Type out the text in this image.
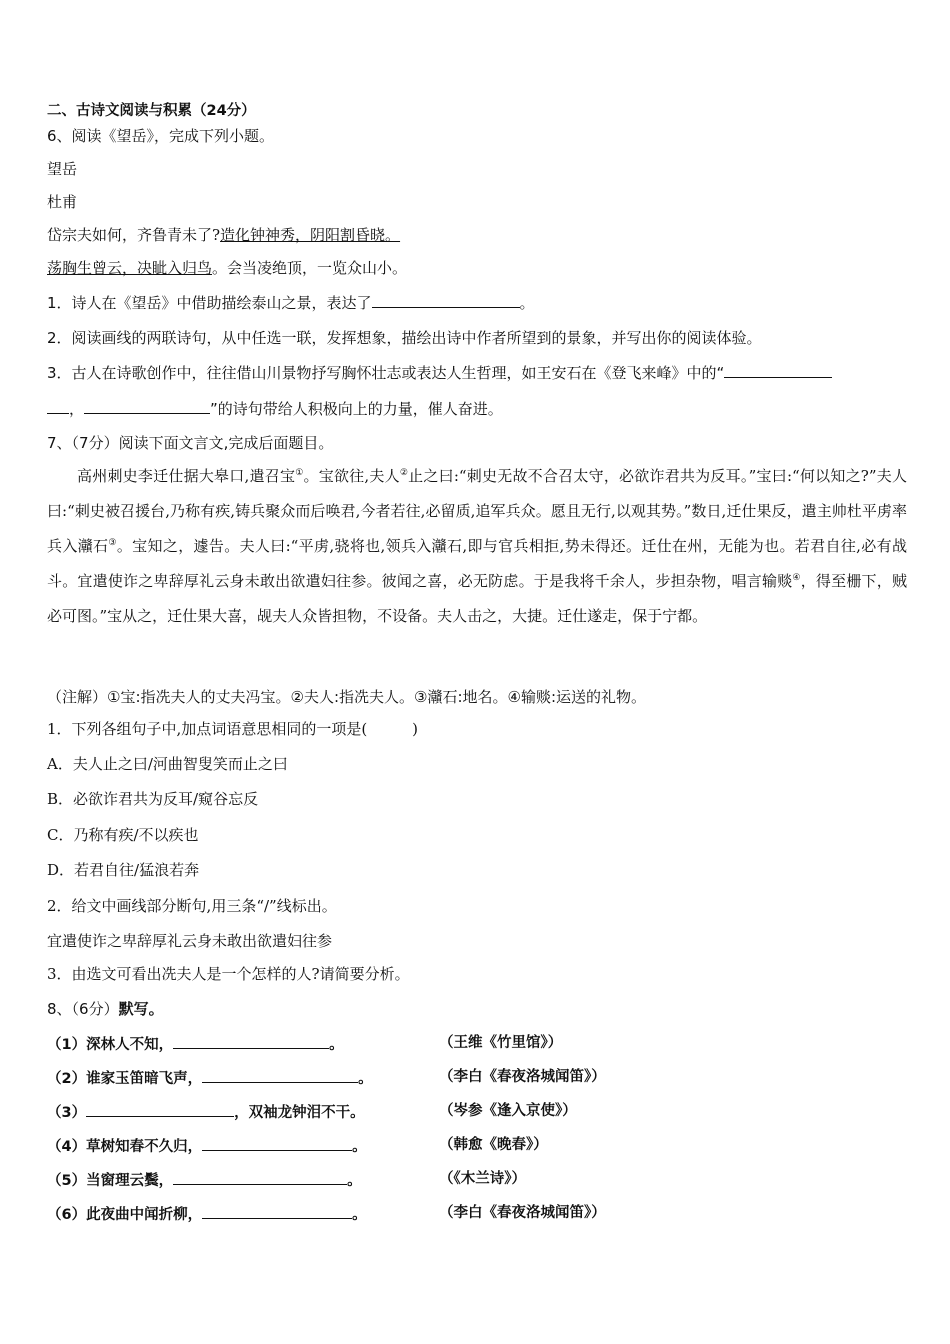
二、古诗文阅读与积累（24分）

6、阅读《望岳》，完成下列小题。

望岳

杜甫

岱宗夫如何，齐鲁青未了?造化钟神秀，阴阳割昏晓。

荡胸生曾云，决眦入归鸟。会当凌绝顶，一览众山小。

1．诗人在《望岳》中借助描绘泰山之景，表达了	。

2．阅读画线的两联诗句，从中任选一联，发挥想象，描绘出诗中作者所望到的景象，并写出你的阅读体验。

3．古人在诗歌创作中，往往借山川景物抒写胸怀壮志或表达人生哲理，如王安石在《登飞来峰》中的“

，	”的诗句带给人积极向上的力量，催人奋进。

7、（7分）阅读下面文言文,完成后面题目。

高州刺史李迁仕据大皋口,遣召宝①。宝欲往,夫人②止之曰:“刺史无故不合召太守，必欲诈君共为反耳。”宝曰:“何以知之?”夫人曰:“刺史被召援台,乃称有疾,铸兵聚众而后唤君,今者若往,必留质,追军兵众。愿且无行,以观其势。”数日,迁仕果反，遣主帅杜平虏率兵入灨石③。宝知之，遽告。夫人曰:“平虏,骁将也,领兵入灨石,即与官兵相拒,势未得还。迁仕在州，无能为也。若君自往,必有战斗。宜遣使诈之卑辞厚礼云身未敢出欲遣妇往参。彼闻之喜，必无防虑。于是我将千余人，步担杂物，唱言输赕④，得至栅下，贼必可图。”宝从之，迁仕果大喜，觇夫人众皆担物，不设备。夫人击之，大捷。迁仕遂走，保于宁都。

（注解）①宝:指冼夫人的丈夫冯宝。②夫人:指冼夫人。③灨石:地名。④输赕:运送的礼物。

1．下列各组句子中,加点词语意思相同的一项是(　　　)

A．夫人止之曰/河曲智叟笑而止之曰

B．必欲诈君共为反耳/窥谷忘反

C．乃称有疾/不以疾也

D．若君自往/猛浪若奔

2．给文中画线部分断句,用三条“/”线标出。

宜遣使诈之卑辞厚礼云身未敢出欲遣妇往参

3．由选文可看出冼夫人是一个怎样的人?请简要分析。

8、（6分）默写。

（1）深林人不知，	。	（王维《竹里馆》）
（2）谁家玉笛暗飞声，	。	（李白《春夜洛城闻笛》）
（3）	，双袖龙钟泪不干。	（岑参《逢入京使》）
（4）草树知春不久归，	。	（韩愈《晚春》）
（5）当窗理云鬓，	。	（《木兰诗》）
（6）此夜曲中闻折柳，	。	（李白《春夜洛城闻笛》）
